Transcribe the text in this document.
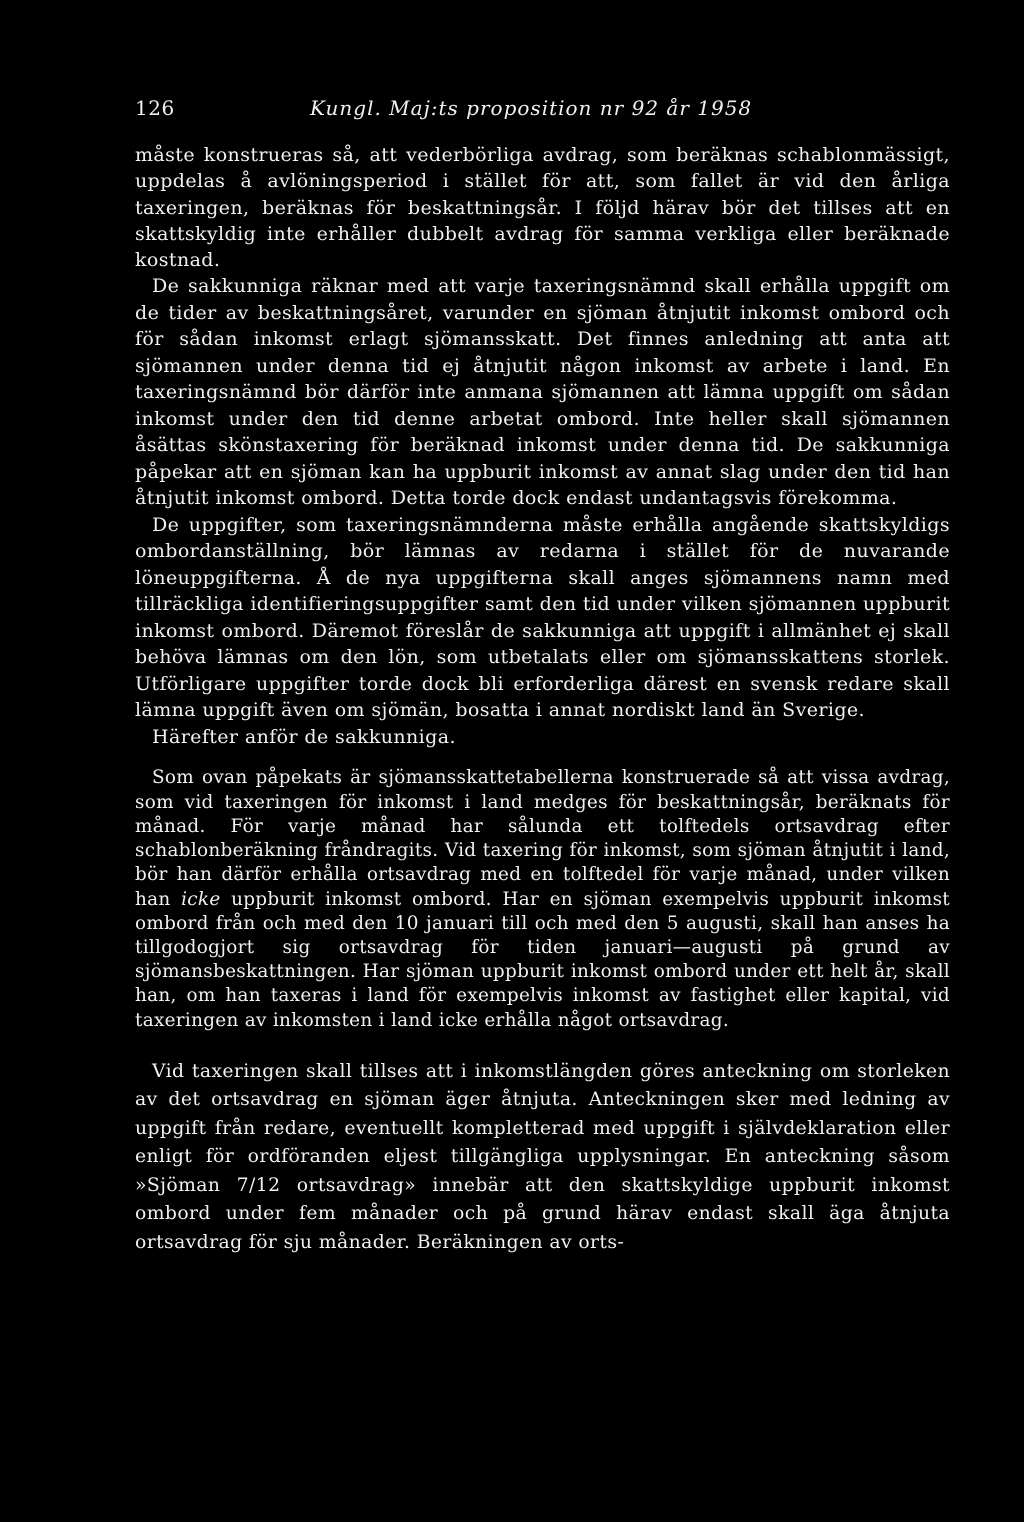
126	Kungl. Maj:ts proposition nr 92 år 1958

måste konstrueras så, att vederbörliga avdrag, som beräknas schablonmässigt, uppdelas å avlöningsperiod i stället för att, som fallet är vid den årliga taxeringen, beräknas för beskattningsår. I följd härav bör det tillses att en skattskyldig inte erhåller dubbelt avdrag för samma verkliga eller beräknade kostnad.

De sakkunniga räknar med att varje taxeringsnämnd skall erhålla uppgift om de tider av beskattningsåret, varunder en sjöman åtnjutit inkomst ombord och för sådan inkomst erlagt sjömansskatt. Det finnes anledning att anta att sjömannen under denna tid ej åtnjutit någon inkomst av arbete i land. En taxeringsnämnd bör därför inte anmana sjömannen att lämna uppgift om sådan inkomst under den tid denne arbetat ombord. Inte heller skall sjömannen åsättas skönstaxering för beräknad inkomst under denna tid. De sakkunniga påpekar att en sjöman kan ha uppburit inkomst av annat slag under den tid han åtnjutit inkomst ombord. Detta torde dock endast undantagsvis förekomma.

De uppgifter, som taxeringsnämnderna måste erhålla angående skattskyldigs ombordanställning, bör lämnas av redarna i stället för de nuvarande löneuppgifterna. Å de nya uppgifterna skall anges sjömannens namn med tillräckliga identifieringsuppgifter samt den tid under vilken sjömannen uppburit inkomst ombord. Däremot föreslår de sakkunniga att uppgift i allmänhet ej skall behöva lämnas om den lön, som utbetalats eller om sjömansskattens storlek. Utförligare uppgifter torde dock bli erforderliga därest en svensk redare skall lämna uppgift även om sjömän, bosatta i annat nordiskt land än Sverige.

Härefter anför de sakkunniga.

Som ovan påpekats är sjömansskattetabellerna konstruerade så att vissa avdrag, som vid taxeringen för inkomst i land medges för beskattningsår, beräknats för månad. För varje månad har sålunda ett tolftedels ortsavdrag efter schablonberäkning fråndragits. Vid taxering för inkomst, som sjöman åtnjutit i land, bör han därför erhålla ortsavdrag med en tolftedel för varje månad, under vilken han icke uppburit inkomst ombord. Har en sjöman exempelvis uppburit inkomst ombord från och med den 10 januari till och med den 5 augusti, skall han anses ha tillgodogjort sig ortsavdrag för tiden januari—augusti på grund av sjömansbeskattningen. Har sjöman uppburit inkomst ombord under ett helt år, skall han, om han taxeras i land för exempelvis inkomst av fastighet eller kapital, vid taxeringen av inkomsten i land icke erhålla något ortsavdrag.

Vid taxeringen skall tillses att i inkomstlängden göres anteckning om storleken av det ortsavdrag en sjöman äger åtnjuta. Anteckningen sker med ledning av uppgift från redare, eventuellt kompletterad med uppgift i självdeklaration eller enligt för ordföranden eljest tillgängliga upplysningar. En anteckning såsom »Sjöman 7/12 ortsavdrag» innebär att den skattskyldige uppburit inkomst ombord under fem månader och på grund härav endast skall äga åtnjuta ortsavdrag för sju månader. Beräkningen av orts-
